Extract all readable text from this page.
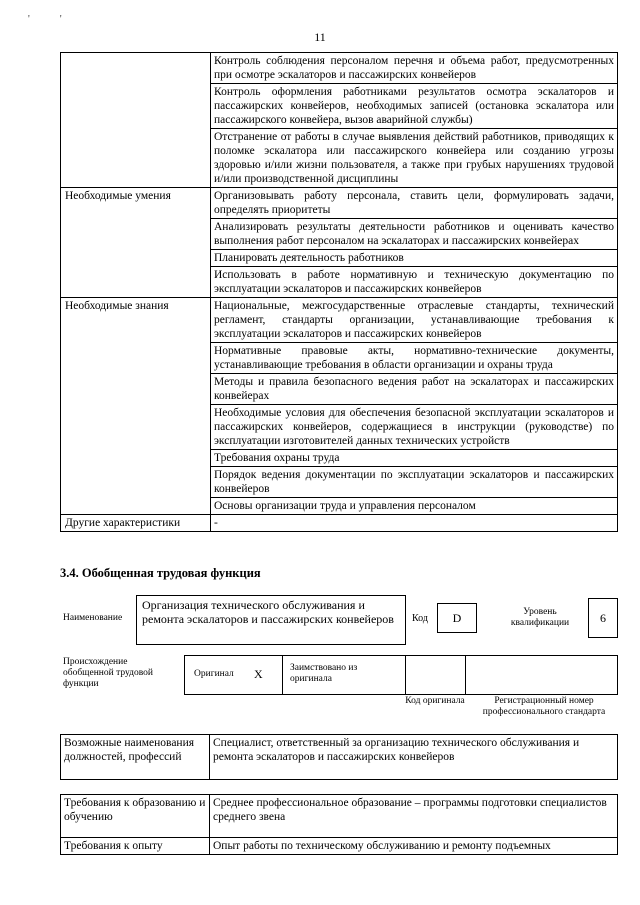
''
11
	Контроль соблюдения персоналом перечня и объема работ, предусмотренных при осмотре эскалаторов и пассажирских конвейеров
	Контроль оформления работниками результатов осмотра эскалаторов и пассажирских конвейеров, необходимых записей (остановка эскалатора или пассажирского конвейера, вызов аварийной службы)
	Отстранение от работы в случае выявления действий работников, приводящих к поломке эскалатора или пассажирского конвейера или созданию угрозы здоровью и/или жизни пользователя, а также при грубых нарушениях трудовой и/или производственной дисциплины
Необходимые умения	Организовывать работу персонала, ставить цели, формулировать задачи, определять приоритеты
	Анализировать результаты деятельности работников и оценивать качество выполнения работ персоналом на эскалаторах и пассажирских конвейерах
	Планировать деятельность работников
	Использовать в работе нормативную и техническую документацию по эксплуатации эскалаторов и пассажирских конвейеров
Необходимые знания	Национальные, межгосударственные отраслевые стандарты, технический регламент, стандарты организации, устанавливающие требования к эксплуатации эскалаторов и пассажирских конвейеров
	Нормативные правовые акты, нормативно-технические документы, устанавливающие требования в области организации и охраны труда
	Методы и правила безопасного ведения работ на эскалаторах и пассажирских конвейерах
	Необходимые условия для обеспечения безопасной эксплуатации эскалаторов и пассажирских конвейеров, содержащиеся в инструкции (руководстве) по эксплуатации изготовителей данных технических устройств
	Требования охраны труда
	Порядок ведения документации по эксплуатации эскалаторов и пассажирских конвейеров
	Основы организации труда и управления персоналом
Другие характеристики	-
3.4. Обобщенная трудовая функция
Наименование
Организация технического обслуживания и ремонта эскалаторов и пассажирских конвейеров	Код	D	Уровень квалификации	6
Происхождение обобщенной трудовой функции
Оригинал X	Заимствовано из оригинала
Код оригинала	Регистрационный номер профессионального стандарта
Возможные наименования должностей, профессий	Специалист, ответственный за организацию технического обслуживания и ремонта эскалаторов и пассажирских конвейеров
Требования к образованию и обучению	Среднее профессиональное образование – программы подготовки специалистов среднего звена
Требования к опыту	Опыт работы по техническому обслуживанию и ремонту подъемных
